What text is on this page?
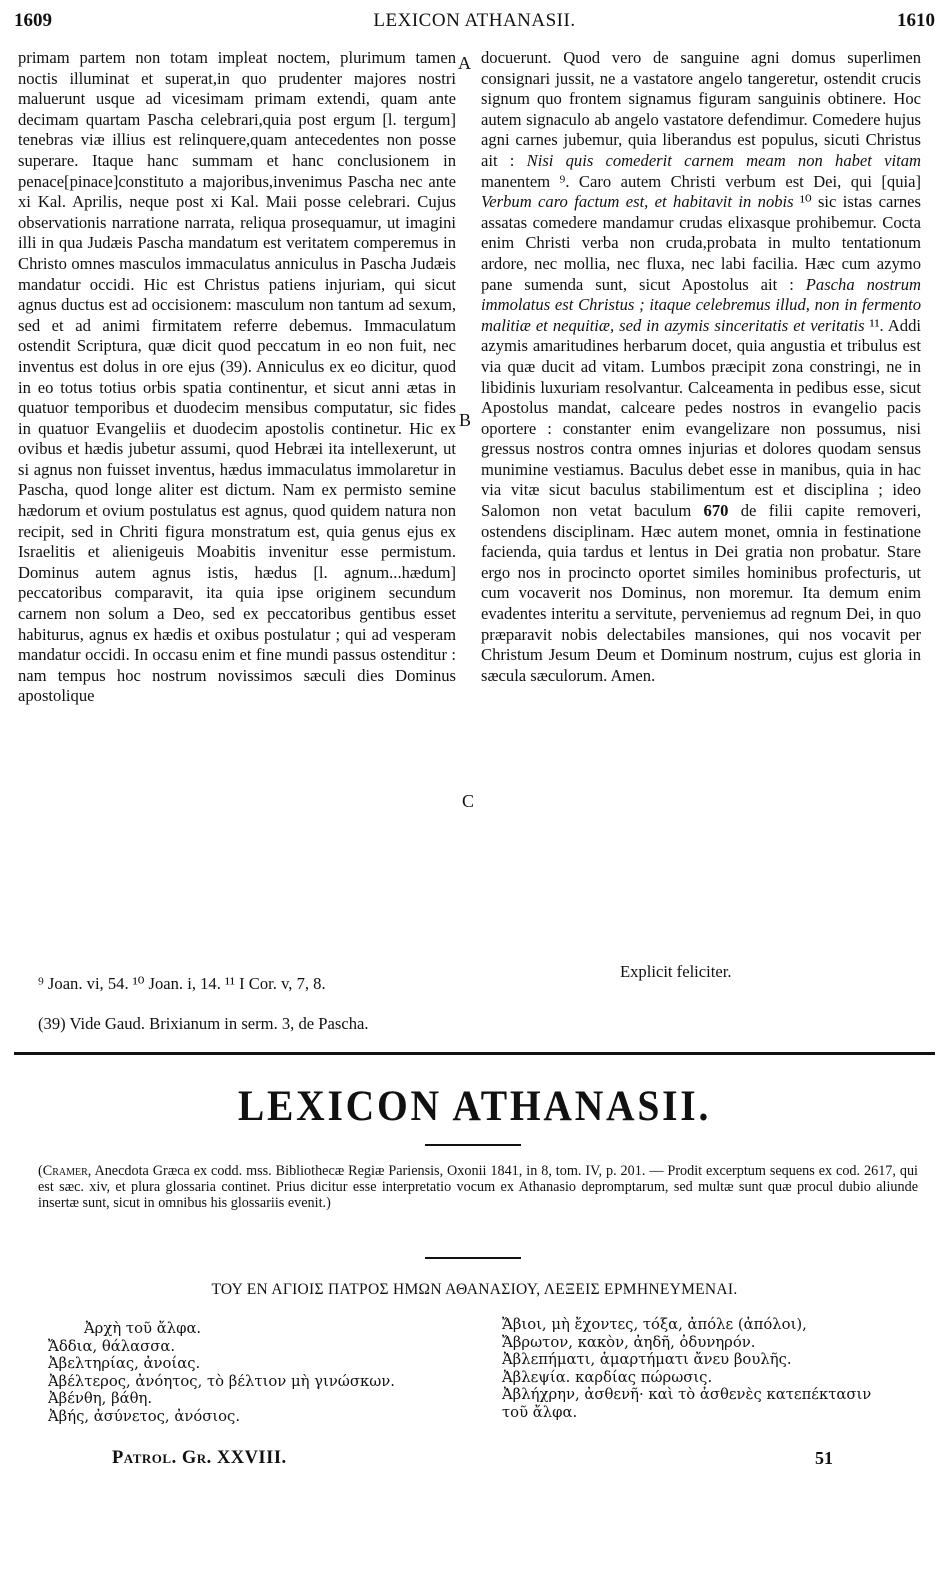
1609	LEXICON ATHANASII.	1610

primam partem non totam impleat noctem, plurimum tamen noctis illuminat et superat,in quo prudenter majores nostri maluerunt usque ad vicesimam primam extendi, quam ante decimam quartam Pascha celebrari,quia post ergum [l. tergum] tenebras viæ illius est relinquere,quam antecedentes non posse superare. Itaque hanc summam et hanc conclusionem in penace[pinace]constituto a majoribus,invenimus Pascha nec ante xi Kal. Aprilis, neque post xi Kal. Maii posse celebrari. Cujus observationis narratione narrata, reliqua prosequamur, ut imagini illi in qua Judæis Pascha mandatum est veritatem comperemus in Christo omnes masculos immaculatus anniculus in Pascha Judæis mandatur occidi. Hic est Christus patiens injuriam, qui sicut agnus ductus est ad occisionem: masculum non tantum ad sexum, sed et ad animi firmitatem referre debemus. Immaculatum ostendit Scriptura, quæ dicit quod peccatum in eo non fuit, nec inventus est dolus in ore ejus (39). Anniculus ex eo dicitur, quod in eo totus totius orbis spatia continentur, et sicut anni ætas in quatuor temporibus et duodecim mensibus computatur, sic fides in quatuor Evangeliis et duodecim apostolis continetur. Hic ex ovibus et hædis jubetur assumi, quod Hebræi ita intellexerunt, ut si agnus non fuisset inventus, hædus immaculatus immolaretur in Pascha, quod longe aliter est dictum. Nam ex permisto semine hædorum et ovium postulatus est agnus, quod quidem natura non recipit, sed in Chriti figura monstratum est, quia genus ejus ex Israelitis et alienigeuis Moabitis invenitur esse permistum. Dominus autem agnus istis, hædus [l. agnum...hædum] peccatoribus comparavit, ita quia ipse originem secundum carnem non solum a Deo, sed ex peccatoribus gentibus esset habiturus, agnus ex hædis et oxibus postulatur ; qui ad vesperam mandatur occidi. In occasu enim et fine mundi passus ostenditur : nam tempus hoc nostrum novissimos sæculi dies Dominus apostolique

A
B
C

docuerunt. Quod vero de sanguine agni domus superlimen consignari jussit, ne a vastatore angelo tangeretur, ostendit crucis signum quo frontem signamus figuram sanguinis obtinere. Hoc autem signaculo ab angelo vastatore defendimur. Comedere hujus agni carnes jubemur, quia liberandus est populus, sicuti Christus ait : Nisi quis comederit carnem meam non habet vitam manentem ⁹. Caro autem Christi verbum est Dei, qui [quia] Verbum caro factum est, et habitavit in nobis ¹⁰ sic istas carnes assatas comedere mandamur crudas elixasque prohibemur. Cocta enim Christi verba non cruda,probata in multo tentationum ardore, nec mollia, nec fluxa, nec labi facilia. Hæc cum azymo pane sumenda sunt, sicut Apostolus ait : Pascha nostrum immolatus est Christus ; itaque celebremus illud, non in fermento malitiæ et nequitiæ, sed in azymis sinceritatis et veritatis ¹¹. Addi azymis amaritudines herbarum docet, quia angustia et tribulus est via quæ ducit ad vitam. Lumbos præcipit zona constringi, ne in libidinis luxuriam resolvantur. Calceamenta in pedibus esse, sicut Apostolus mandat, calceare pedes nostros in evangelio pacis oportere : constanter enim evangelizare non possumus, nisi gressus nostros contra omnes injurias et dolores quodam sensus munimine vestiamus. Baculus debet esse in manibus, quia in hac via vitæ sicut baculus stabilimentum est et disciplina ; ideo Salomon non vetat baculum 670 de filii capite removeri, ostendens disciplinam. Hæc autem monet, omnia in festinatione facienda, quia tardus et lentus in Dei gratia non probatur. Stare ergo nos in procincto oportet similes hominibus profecturis, ut cum vocaverit nos Dominus, non moremur. Ita demum enim evadentes interitu a servitute, perveniemus ad regnum Dei, in quo præparavit nobis delectabiles mansiones, qui nos vocavit per Christum Jesum Deum et Dominum nostrum, cujus est gloria in sæcula sæculorum. Amen.

Explicit feliciter.
⁹ Joan. vi, 54. ¹⁰ Joan. i, 14. ¹¹ I Cor. v, 7, 8.
(39) Vide Gaud. Brixianum in serm. 3, de Pascha.
LEXICON ATHANASII.
(Cramer, Anecdota Græca ex codd. mss. Bibliothecæ Regiæ Pariensis, Oxonii 1841, in 8, tom. IV, p. 201. — Prodit excerptum sequens ex cod. 2617, qui est sæc. xiv, et plura glossaria continet. Prius dicitur esse interpretatio vocum ex Athanasio depromptarum, sed multæ sunt quæ procul dubio aliunde insertæ sunt, sicut in omnibus his glossariis evenit.)
ΤΟΥ ΕΝ ΑΓΙΟΙΣ ΠΑΤΡΟΣ ΗΜΩΝ ΑΘΑΝΑΣΙΟΥ, ΛΕΞΕΙΣ ΕΡΜΗΝΕΥΜΕΝΑΙ.
Ἀρχὴ τοῦ ἄλφα.
Ἄδδια, θάλασσα.
Ἀβελτηρίας, ἀνοίας.
Ἀβέλτερος, ἀνόητος, τὸ βέλτιον μὴ γινώσκων.
Ἀβένθη, βάθη.
Ἀβής, ἀσύνετος, ἀνόσιος.
Ἄβιοι, μὴ ἔχοντες, τόξα, ἀπόλε (ἀπόλοι),
Ἄβρωτον, κακὸν, ἀηδῆ, ὀδυνηρόν.
Ἀβλεπήματι, ἁμαρτήματι ἄνευ βουλῆς.
Ἀβλεψία. καρδίας πώρωσις.
Ἀβλήχρην, ἀσθενῆ· καὶ τὸ ἀσθενὲς κατεπέκτασιν
τοῦ ἄλφα.
Patrol. Gr. XXVIII.	51
